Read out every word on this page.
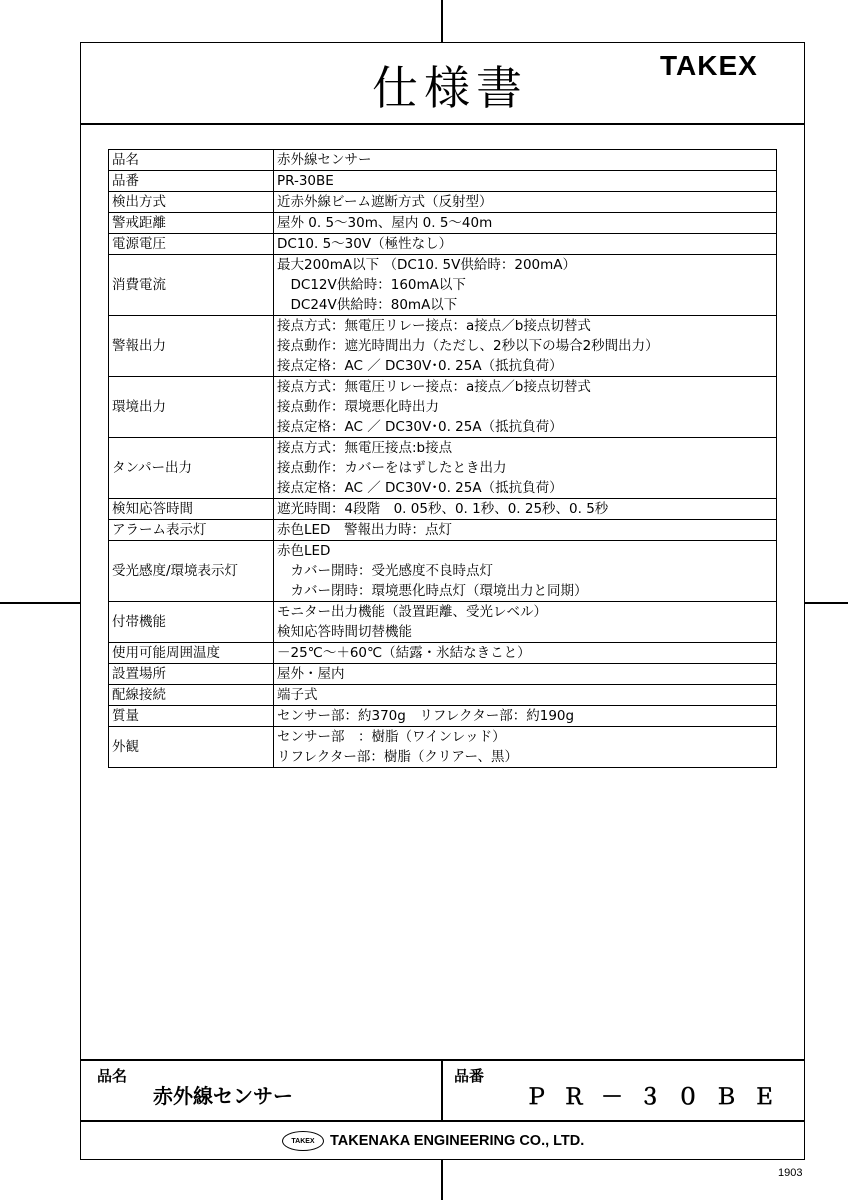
仕様書	TAKEX
品名	赤外線センサー

品番	PR-30BE

検出方式	近赤外線ビーム遮断方式（反射型）

警戒距離	屋外 0. 5～30m、屋内 0. 5～40m

電源電圧	DC10. 5～30V（極性なし）

消費電流	最大200mA以下 （DC10. 5V供給時：200mA）
　DC12V供給時：160mA以下
　DC24V供給時：80mA以下

警報出力	接点方式：無電圧リレー接点：a接点／b接点切替式
接点動作：遮光時間出力（ただし、2秒以下の場合2秒間出力）
接点定格：AC ／ DC30V･0. 25A（抵抗負荷）

環境出力	接点方式：無電圧リレー接点：a接点／b接点切替式
接点動作：環境悪化時出力
接点定格：AC ／ DC30V･0. 25A（抵抗負荷）

タンパー出力	接点方式：無電圧接点:b接点
接点動作：カバーをはずしたとき出力
接点定格：AC ／ DC30V･0. 25A（抵抗負荷）

検知応答時間	遮光時間：4段階　0. 05秒、0. 1秒、0. 25秒、0. 5秒

アラーム表示灯	赤色LED　警報出力時：点灯

受光感度/環境表示灯	赤色LED
　カバー開時：受光感度不良時点灯
　カバー閉時：環境悪化時点灯（環境出力と同期）

付帯機能	モニター出力機能（設置距離、受光レベル）
検知応答時間切替機能

使用可能周囲温度	－25℃～＋60℃（結露・氷結なきこと）

設置場所	屋外・屋内

配線接続	端子式

質量	センサー部：約370g　リフレクター部：約190g

外観	センサー部　：樹脂（ワインレッド）
リフレクター部：樹脂（クリアー、黒）
品名
赤外線センサー
品番
ＰＲ－３０ＢＥ
TAKEX TAKENAKA ENGINEERING CO., LTD.
1903
